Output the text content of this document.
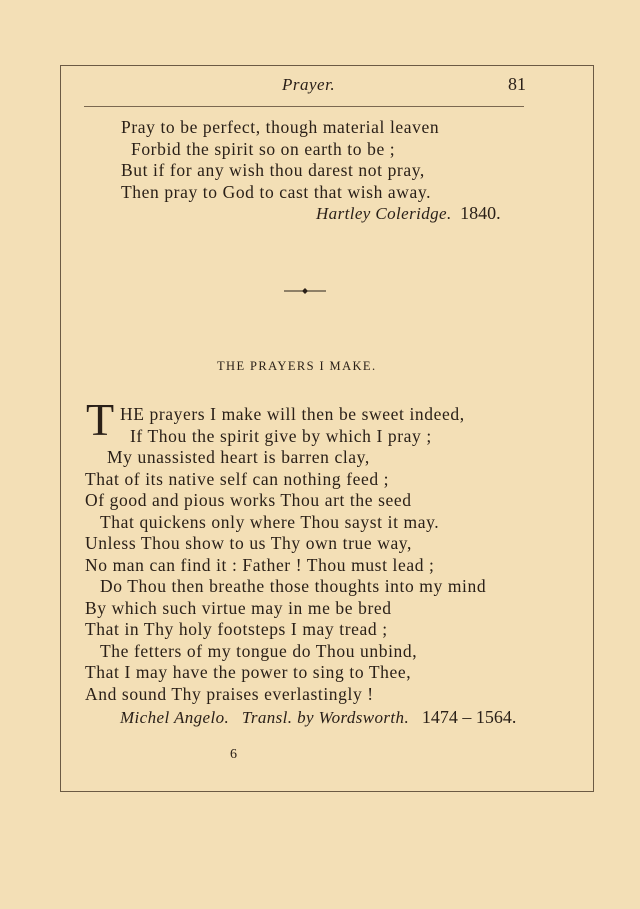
Prayer.	81
Pray to be perfect, though material leaven
Forbid the spirit so on earth to be ;
But if for any wish thou darest not pray,
Then pray to God to cast that wish away.
Hartley Coleridge. 1840.
THE PRAYERS I MAKE.
T HE prayers I make will then be sweet indeed,
If Thou the spirit give by which I pray ;
My unassisted heart is barren clay,
That of its native self can nothing feed ;
Of good and pious works Thou art the seed
That quickens only where Thou sayst it may.
Unless Thou show to us Thy own true way,
No man can find it : Father ! Thou must lead ;
Do Thou then breathe those thoughts into my mind
By which such virtue may in me be bred
That in Thy holy footsteps I may tread ;
The fetters of my tongue do Thou unbind,
That I may have the power to sing to Thee,
And sound Thy praises everlastingly !
Michel Angelo. Transl. by Wordsworth. 1474 – 1564.
6
